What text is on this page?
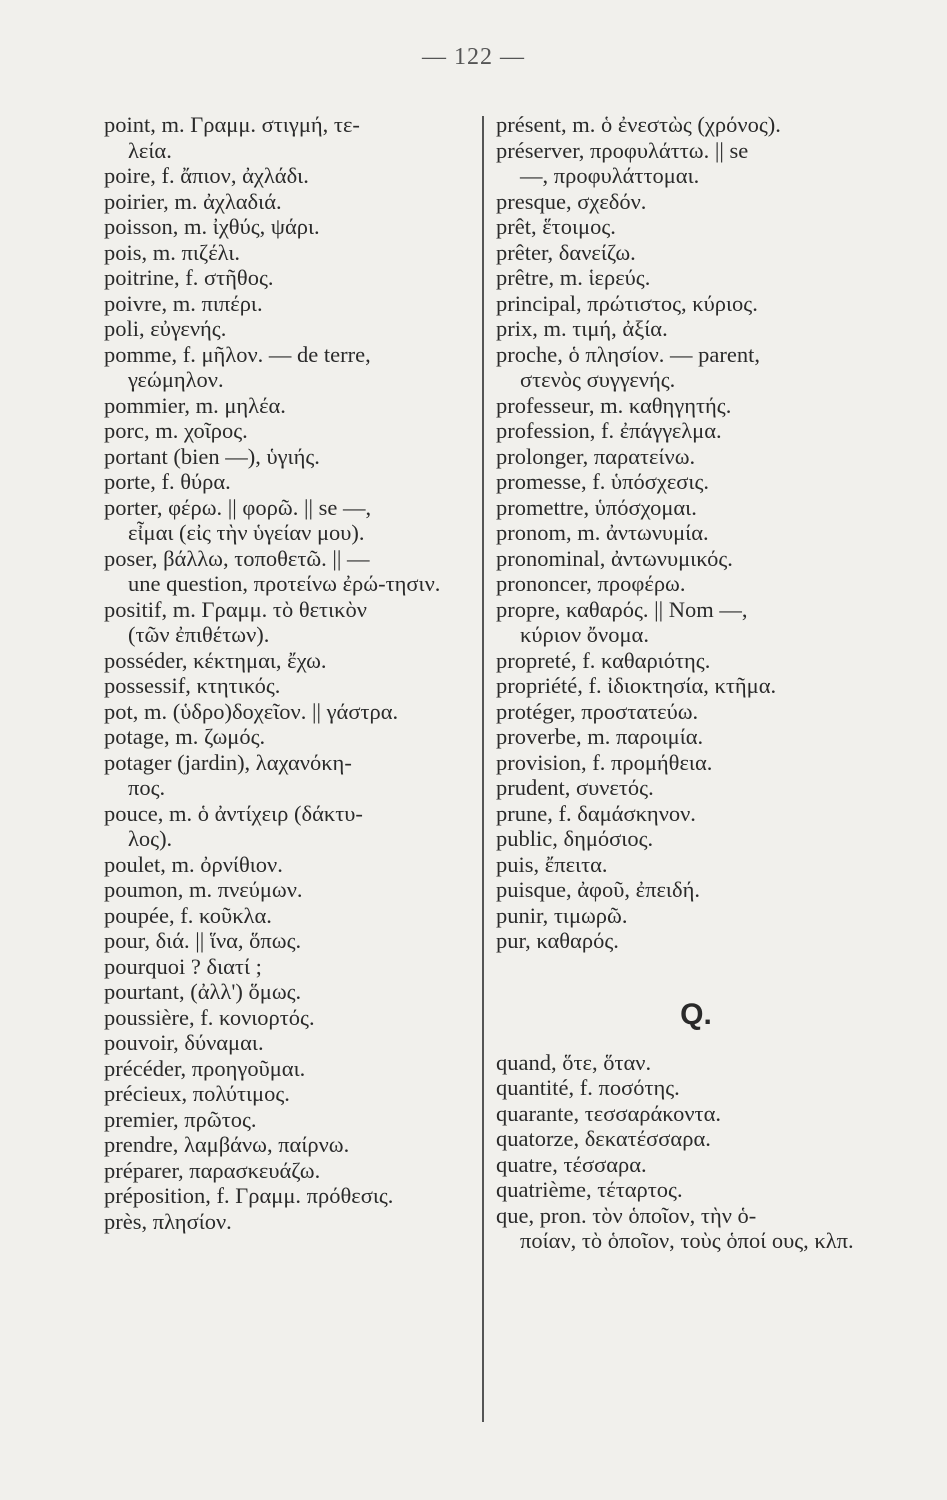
— 122 —
point, m. Γραμμ. στιγμή, τε-
λεία.
poire, f. ἄπιον, ἀχλάδι.
poirier, m. ἀχλαδιά.
poisson, m. ἰχθύς, ψάρι.
pois, m. πιζέλι.
poitrine, f. στῆθος.
poivre, m. πιπέρι.
poli, εὐγενής.
pomme, f. μῆλον. — de terre,
γεώμηλον.
pommier, m. μηλέα.
porc, m. χοῖρος.
portant (bien —), ὑγιής.
porte, f. θύρα.
porter, φέρω. || φορῶ. || se —,
εἶμαι (εἰς τὴν ὑγείαν μου).
poser, βάλλω, τοποθετῶ. || —
une question, προτείνω ἐρώ-τησιν.
positif, m. Γραμμ. τὸ θετικὸν
(τῶν ἐπιθέτων).
posséder, κέκτημαι, ἔχω.
possessif, κτητικός.
pot, m. (ὑδρο)δοχεῖον. || γάστρα.
potage, m. ζωμός.
potager (jardin), λαχανόκη-
πος.
pouce, m. ὁ ἀντίχειρ (δάκτυ-
λος).
poulet, m. ὀρνίθιον.
poumon, m. πνεύμων.
poupée, f. κοῦκλα.
pour, διά. || ἵνα, ὅπως.
pourquoi ? διατί ;
pourtant, (ἀλλ') ὅμως.
poussière, f. κονιορτός.
pouvoir, δύναμαι.
précéder, προηγοῦμαι.
précieux, πολύτιμος.
premier, πρῶτος.
prendre, λαμβάνω, παίρνω.
préparer, παρασκευάζω.
préposition, f. Γραμμ. πρόθεσις.
près, πλησίον.
présent, m. ὁ ἐνεστὼς (χρόνος).
préserver, προφυλάττω. || se
—, προφυλάττομαι.
presque, σχεδόν.
prêt, ἕτοιμος.
prêter, δανείζω.
prêtre, m. ἱερεύς.
principal, πρώτιστος, κύριος.
prix, m. τιμή, ἀξία.
proche, ὁ πλησίον. — parent,
στενὸς συγγενής.
professeur, m. καθηγητής.
profession, f. ἐπάγγελμα.
prolonger, παρατείνω.
promesse, f. ὑπόσχεσις.
promettre, ὑπόσχομαι.
pronom, m. ἀντωνυμία.
pronominal, ἀντωνυμικός.
prononcer, προφέρω.
propre, καθαρός. || Nom —,
κύριον ὄνομα.
propreté, f. καθαριότης.
propriété, f. ἰδιοκτησία, κτῆμα.
protéger, προστατεύω.
proverbe, m. παροιμία.
provision, f. προμήθεια.
prudent, συνετός.
prune, f. δαμάσκηνον.
public, δημόσιος.
puis, ἔπειτα.
puisque, ἀφοῦ, ἐπειδή.
punir, τιμωρῶ.
pur, καθαρός.
Q.
quand, ὅτε, ὅταν.
quantité, f. ποσότης.
quarante, τεσσαράκοντα.
quatorze, δεκατέσσαρα.
quatre, τέσσαρα.
quatrième, τέταρτος.
que, pron. τὸν ὁποῖον, τὴν ὁ-
ποίαν, τὸ ὁποῖον, τοὺς ὁποί ους, κλπ.
